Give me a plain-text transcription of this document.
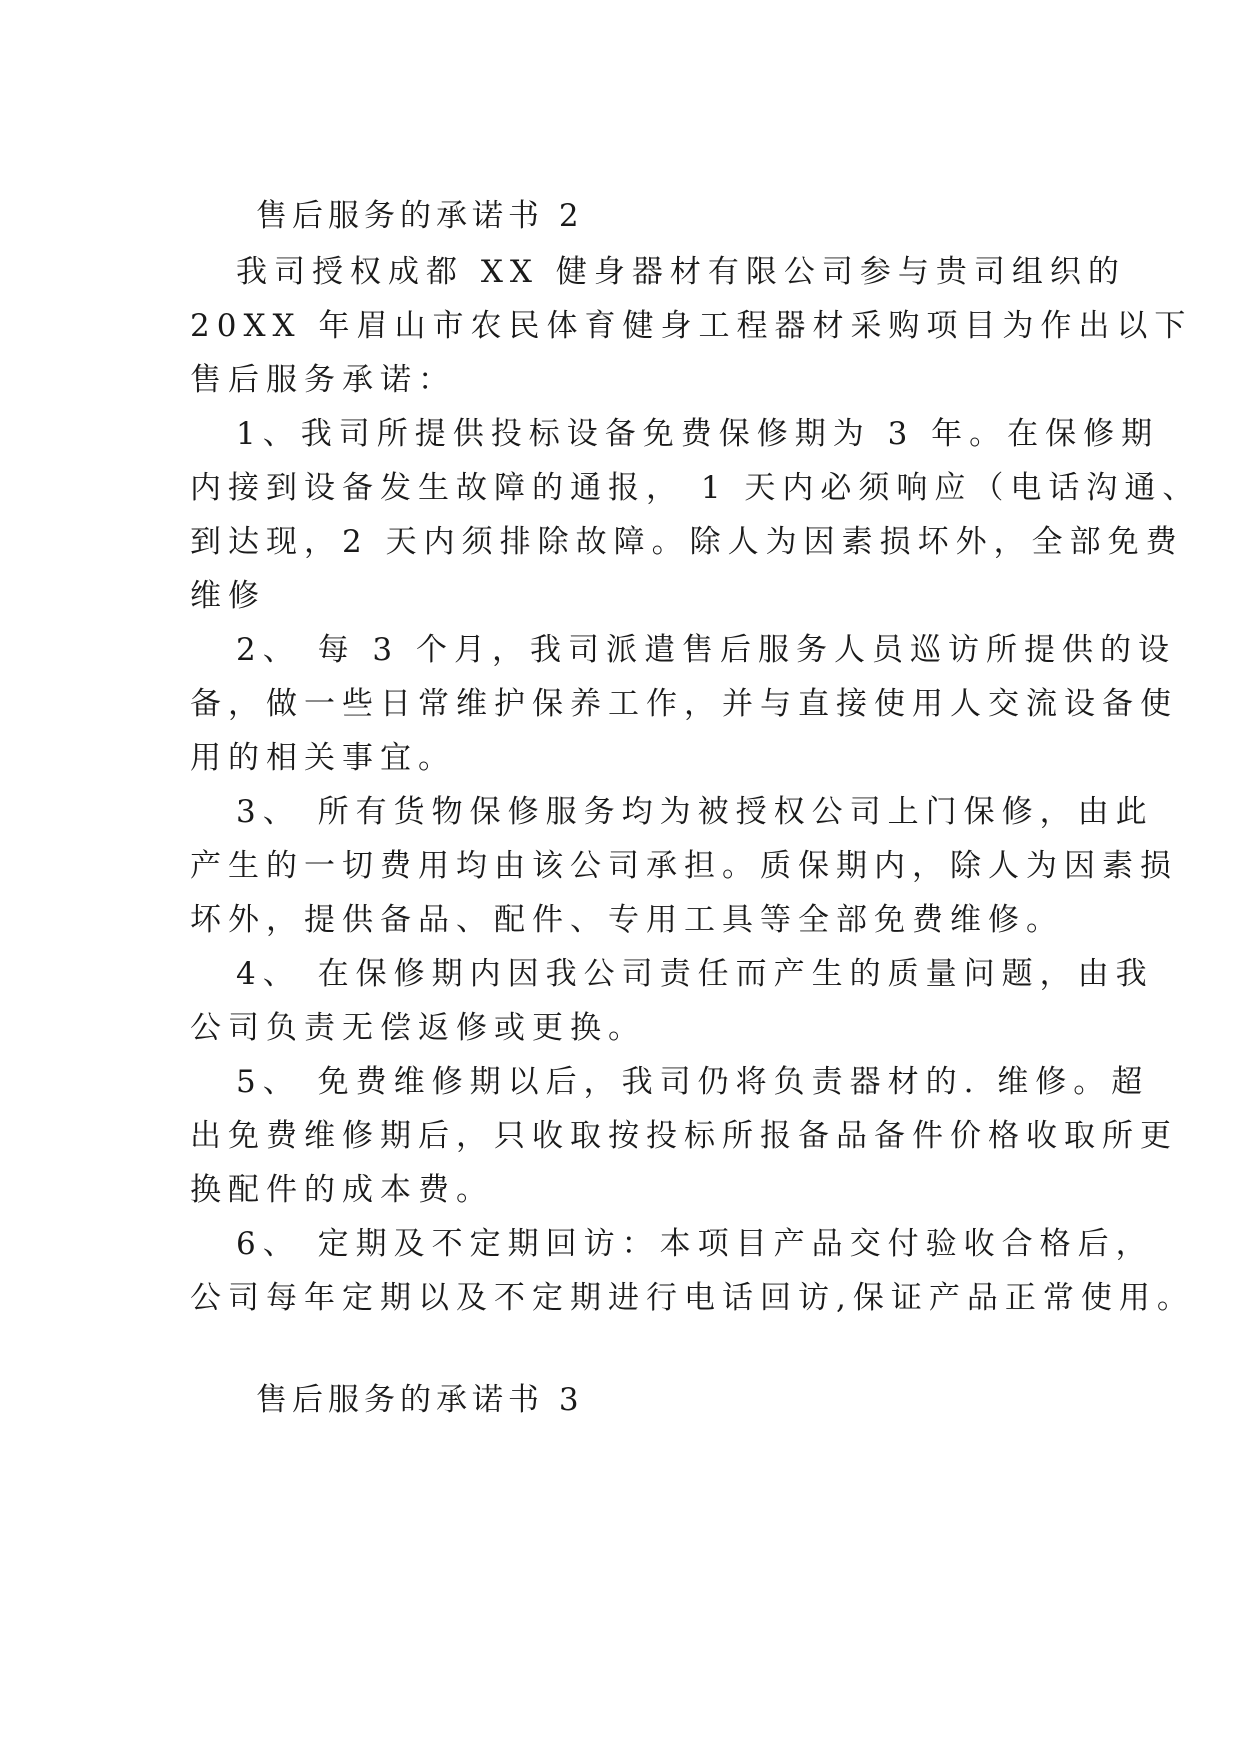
售后服务的承诺书 2
我司授权成都 XX 健身器材有限公司参与贵司组织的
20XX 年眉山市农民体育健身工程器材采购项目为作出以下
售后服务承诺：
1、我司所提供投标设备免费保修期为 3 年。在保修期
内接到设备发生故障的通报， 1 天内必须响应（电话沟通、
到达现，2 天内须排除故障。除人为因素损坏外，全部免费
维修
2、 每 3 个月，我司派遣售后服务人员巡访所提供的设
备，做一些日常维护保养工作，并与直接使用人交流设备使
用的相关事宜。
3、 所有货物保修服务均为被授权公司上门保修，由此
产生的一切费用均由该公司承担。质保期内，除人为因素损
坏外，提供备品、配件、专用工具等全部免费维修。
4、 在保修期内因我公司责任而产生的质量问题，由我
公司负责无偿返修或更换。
5、 免费维修期以后，我司仍将负责器材的. 维修。超
出免费维修期后，只收取按投标所报备品备件价格收取所更
换配件的成本费。
6、 定期及不定期回访：本项目产品交付验收合格后，
公司每年定期以及不定期进行电话回访,保证产品正常使用。
售后服务的承诺书 3
